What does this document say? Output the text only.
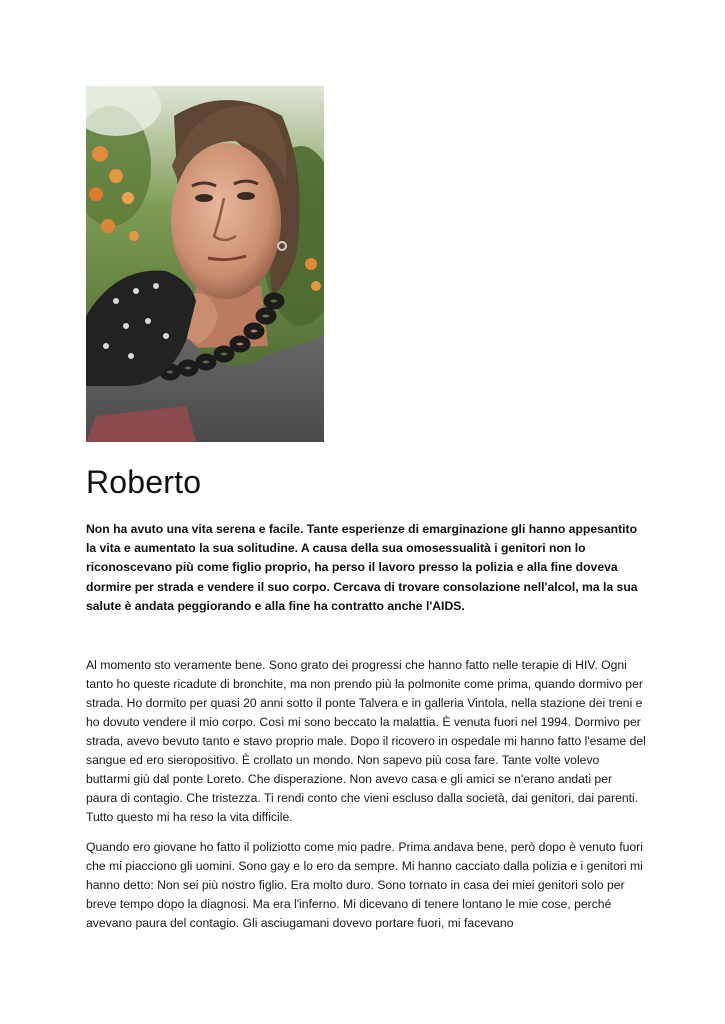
Roberto

Non ha avuto una vita serena e facile. Tante esperienze di emarginazione gli hanno appesantito la vita e aumentato la sua solitudine. A causa della sua omosessualità i genitori non lo riconoscevano più come figlio proprio, ha perso il lavoro presso la polizia e alla fine doveva dormire per strada e vendere il suo corpo. Cercava di trovare consolazione nell'alcol, ma la sua salute è andata peggiorando e alla fine ha contratto anche l'AIDS.

Al momento sto veramente bene. Sono grato dei progressi che hanno fatto nelle terapie di HIV. Ogni tanto ho queste ricadute di bronchite, ma non prendo più la polmonite come prima, quando dormivo per strada. Ho dormito per quasi 20 anni sotto il ponte Talvera e in galleria Vintola, nella stazione dei treni e ho dovuto vendere il mio corpo. Così mi sono beccato la malattia. È venuta fuori nel 1994. Dormivo per strada, avevo bevuto tanto e stavo proprio male. Dopo il ricovero in ospedale mi hanno fatto l'esame del sangue ed ero sieropositivo. È crollato un mondo. Non sapevo più cosa fare. Tante volte volevo buttarmi giù dal ponte Loreto. Che disperazione. Non avevo casa e gli amici se n'erano andati per paura di contagio. Che tristezza. Ti rendi conto che vieni escluso dalla società, dai genitori, dai parenti. Tutto questo mi ha reso la vita difficile.

Quando ero giovane ho fatto il poliziotto come mio padre. Prima andava bene, però dopo è venuto fuori che mi piacciono gli uomini. Sono gay e lo ero da sempre. Mi hanno cacciato dalla polizia e i genitori mi hanno detto: Non sei più nostro figlio. Era molto duro. Sono tornato in casa dei miei genitori solo per breve tempo dopo la diagnosi. Ma era l'inferno. Mi dicevano di tenere lontano le mie cose, perché avevano paura del contagio. Gli asciugamani dovevo portare fuori, mi facevano
